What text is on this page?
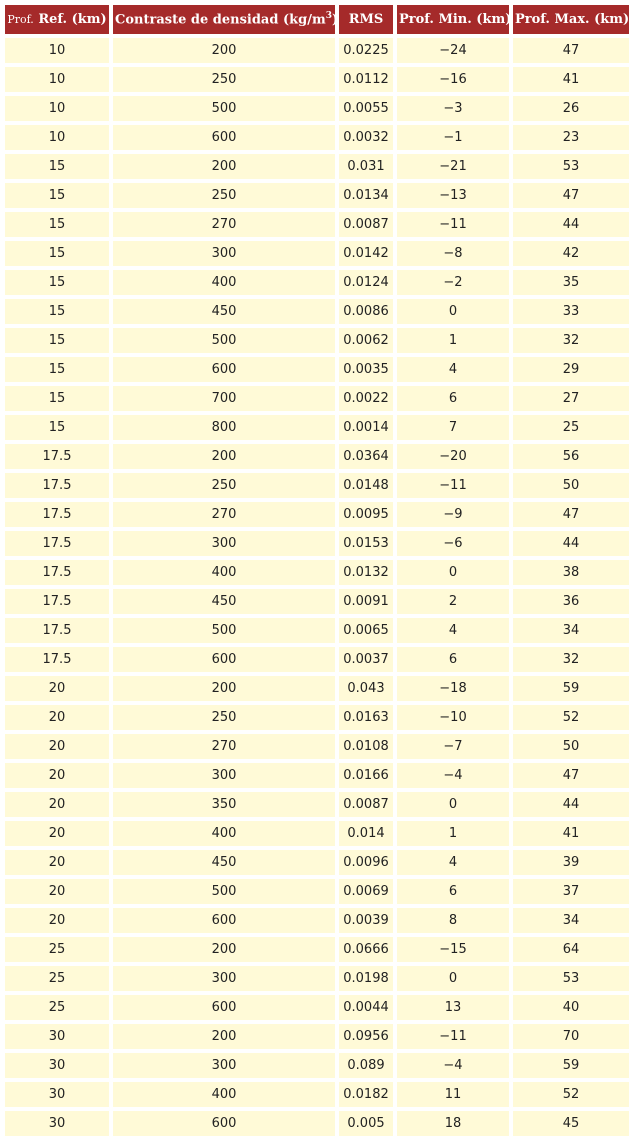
Prof. Ref. (km)	Contraste de densidad $(kg/m^3)$	RMS	Prof. Min. (km)	Prof. Max. (km)
10	200	0.0225	−24	47
10	250	0.0112	−16	41
10	500	0.0055	−3	26
10	600	0.0032	−1	23
15	200	0.031	−21	53
15	250	0.0134	−13	47
15	270	0.0087	−11	44
15	300	0.0142	−8	42
15	400	0.0124	−2	35
15	450	0.0086	0	33
15	500	0.0062	1	32
15	600	0.0035	4	29
15	700	0.0022	6	27
15	800	0.0014	7	25
17.5	200	0.0364	−20	56
17.5	250	0.0148	−11	50
17.5	270	0.0095	−9	47
17.5	300	0.0153	−6	44
17.5	400	0.0132	0	38
17.5	450	0.0091	2	36
17.5	500	0.0065	4	34
17.5	600	0.0037	6	32
20	200	0.043	−18	59
20	250	0.0163	−10	52
20	270	0.0108	−7	50
20	300	0.0166	−4	47
20	350	0.0087	0	44
20	400	0.014	1	41
20	450	0.0096	4	39
20	500	0.0069	6	37
20	600	0.0039	8	34
25	200	0.0666	−15	64
25	300	0.0198	0	53
25	600	0.0044	13	40
30	200	0.0956	−11	70
30	300	0.089	−4	59
30	400	0.0182	11	52
30	600	0.005	18	45
